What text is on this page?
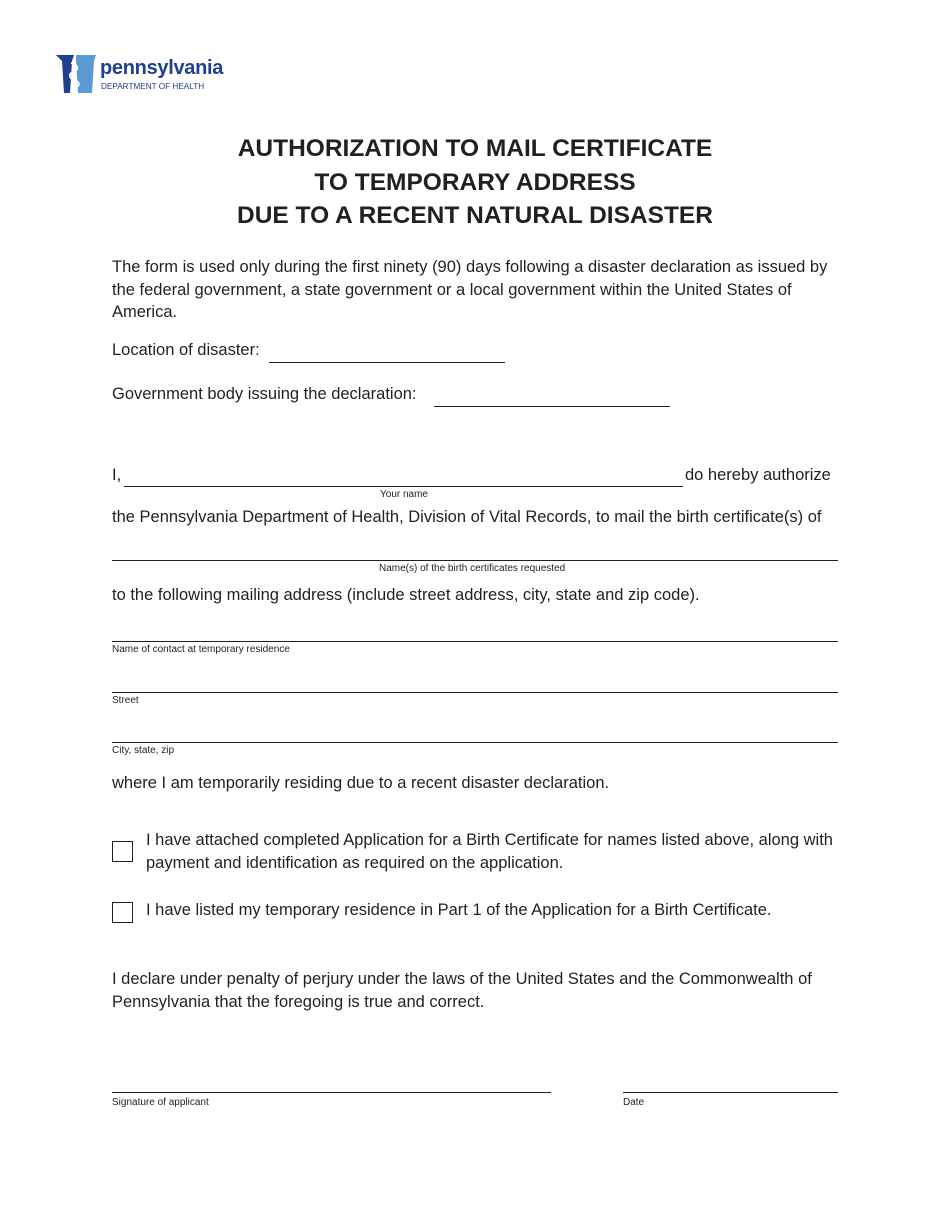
pennsylvania
DEPARTMENT OF HEALTH
AUTHORIZATION TO MAIL CERTIFICATE
TO TEMPORARY ADDRESS
DUE TO A RECENT NATURAL DISASTER
The form is used only during the first ninety (90) days following a disaster declaration as issued by the federal government, a state government or a local government within the United States of America.
Location of disaster:
Government body issuing the declaration:
I,	do hereby authorize
Your name
the Pennsylvania Department of Health, Division of Vital Records, to mail the birth certificate(s) of
Name(s) of the birth certificates requested
to the following mailing address (include street address, city, state and zip code).
Name of contact at temporary residence
Street
City, state, zip
where I am temporarily residing due to a recent disaster declaration.
I have attached completed Application for a Birth Certificate for names listed above, along with payment and identification as required on the application.
I have listed my temporary residence in Part 1 of the Application for a Birth Certificate.
I declare under penalty of perjury under the laws of the United States and the Commonwealth of Pennsylvania that the foregoing is true and correct.
Signature of applicant	Date
